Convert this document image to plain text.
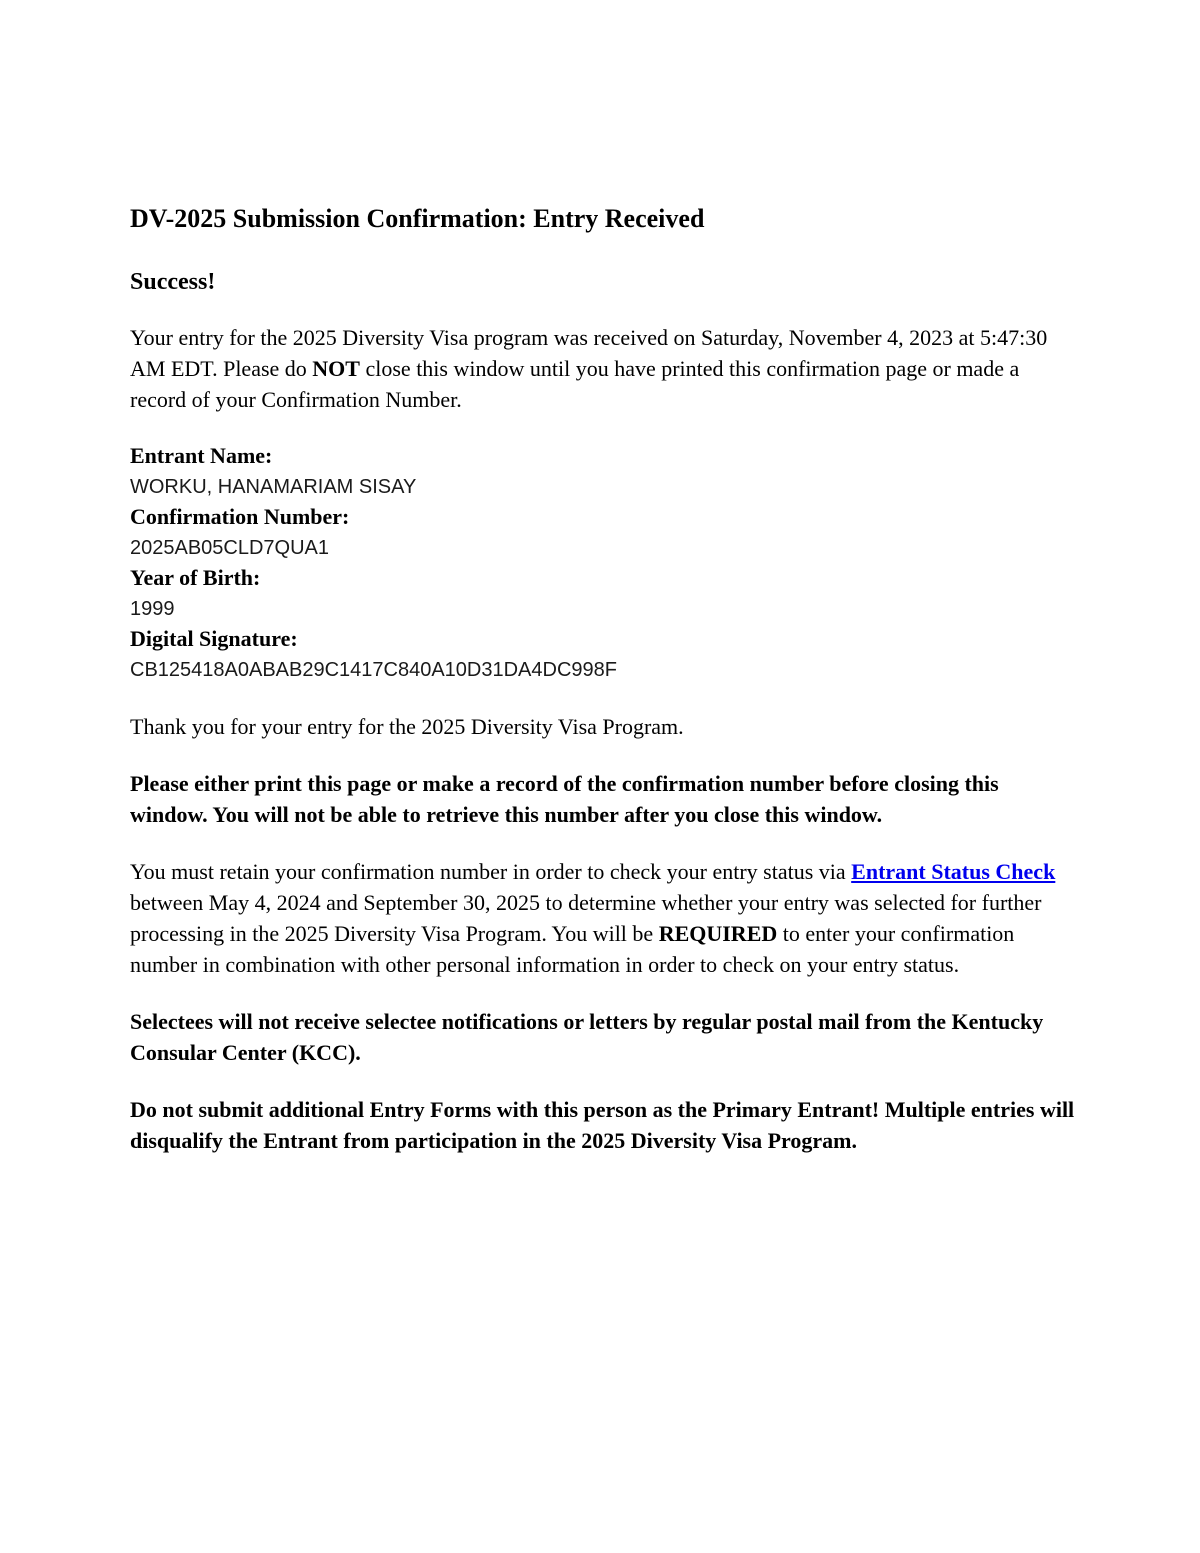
DV-2025 Submission Confirmation: Entry Received
Success!

Your entry for the 2025 Diversity Visa program was received on Saturday, November 4, 2023 at 5:47:30 AM EDT. Please do NOT close this window until you have printed this confirmation page or made a record of your Confirmation Number.

Entrant Name:
WORKU, HANAMARIAM SISAY
Confirmation Number:
2025AB05CLD7QUA1
Year of Birth:
1999
Digital Signature:
CB125418A0ABAB29C1417C840A10D31DA4DC998F

Thank you for your entry for the 2025 Diversity Visa Program.

Please either print this page or make a record of the confirmation number before closing this window. You will not be able to retrieve this number after you close this window.

You must retain your confirmation number in order to check your entry status via Entrant Status Check between May 4, 2024 and September 30, 2025 to determine whether your entry was selected for further processing in the 2025 Diversity Visa Program. You will be REQUIRED to enter your confirmation number in combination with other personal information in order to check on your entry status.

Selectees will not receive selectee notifications or letters by regular postal mail from the Kentucky Consular Center (KCC).

Do not submit additional Entry Forms with this person as the Primary Entrant! Multiple entries will disqualify the Entrant from participation in the 2025 Diversity Visa Program.
